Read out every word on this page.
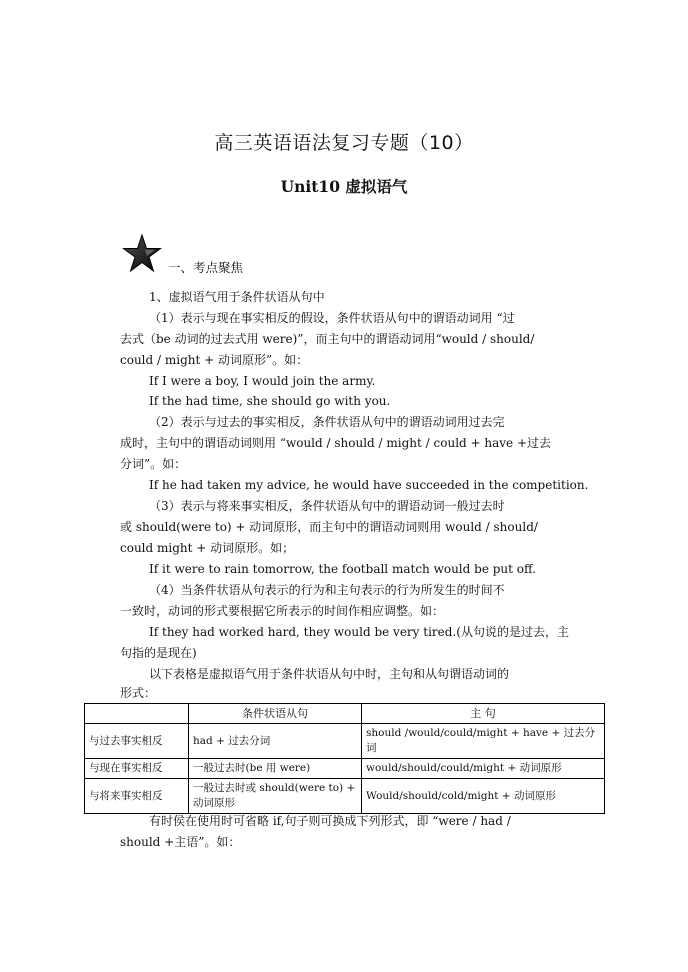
高三英语语法复习专题（10）
Unit10 虚拟语气
一、考点聚焦
1、虚拟语气用于条件状语从句中
（1）表示与现在事实相反的假设，条件状语从句中的谓语动词用 “过
去式（be 动词的过去式用 were)”，而主句中的谓语动词用“would / should/
could / might + 动词原形”。如：
If I were a boy, I would join the army.
If the had time, she should go with you.
（2）表示与过去的事实相反，条件状语从句中的谓语动词用过去完
成时，主句中的谓语动词则用 “would / should / might / could + have +过去
分词”。如：
If he had taken my advice, he would have succeeded in the competition.
（3）表示与将来事实相反，条件状语从句中的谓语动词一般过去时
或 should(were to) + 动词原形，而主句中的谓语动词则用 would / should/
could might + 动词原形。如；
If it were to rain tomorrow, the football match would be put off.
（4）当条件状语从句表示的行为和主句表示的行为所发生的时间不
一致时，动词的形式要根据它所表示的时间作相应调整。如：
If they had worked hard, they would be very tired.(从句说的是过去，主
句指的是现在)
以下表格是虚拟语气用于条件状语从句中时，主句和从句谓语动词的
形式：
	条件状语从句	主 句
与过去事实相反	had + 过去分词	should /would/could/might + have + 过去分词
与现在事实相反	一般过去时(be 用 were)	would/should/could/might + 动词原形
与将来事实相反	一般过去时或 should(were to) + 动词原形	Would/should/cold/might + 动词原形
有时侯在使用时可省略 if,句子则可换成下列形式，即 “were / had /
should +主语”。如：
